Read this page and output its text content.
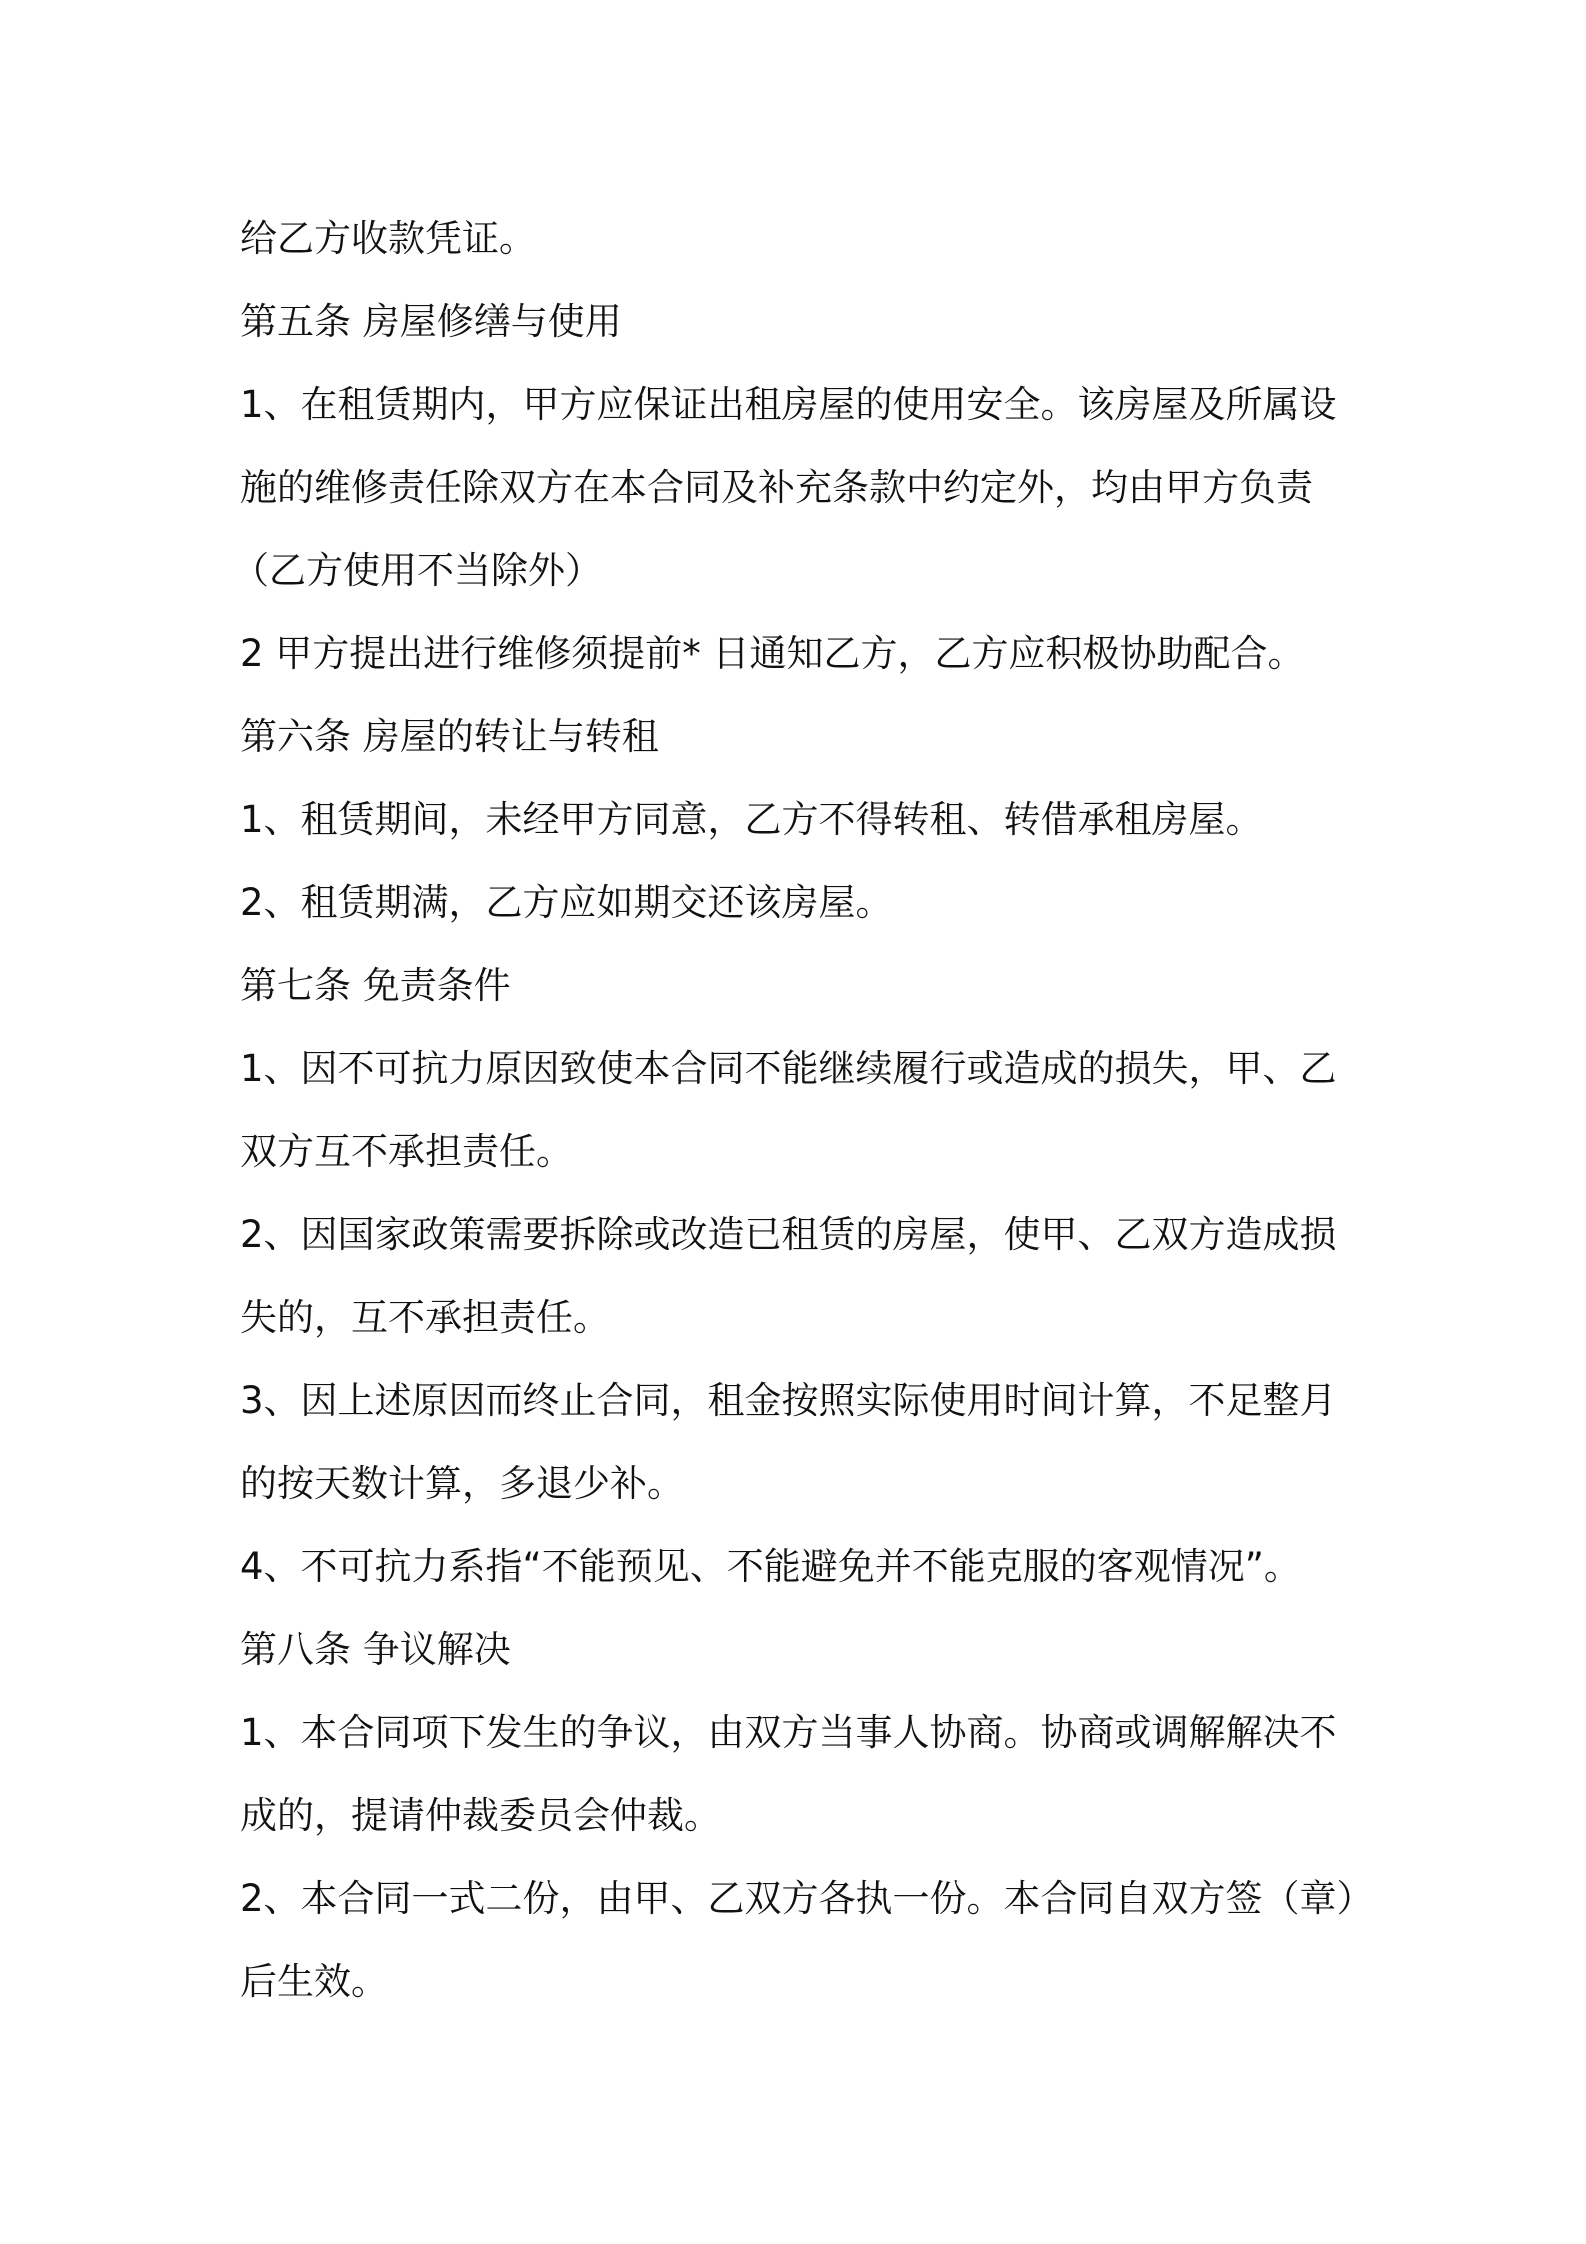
给乙方收款凭证。

第五条 房屋修缮与使用

1、在租赁期内，甲方应保证出租房屋的使用安全。该房屋及所属设

施的维修责任除双方在本合同及补充条款中约定外，均由甲方负责

（乙方使用不当除外）

2 甲方提出进行维修须提前* 日通知乙方，乙方应积极协助配合。

第六条 房屋的转让与转租

1、租赁期间，未经甲方同意，乙方不得转租、转借承租房屋。

2、租赁期满，乙方应如期交还该房屋。

第七条 免责条件

1、因不可抗力原因致使本合同不能继续履行或造成的损失，甲、乙

双方互不承担责任。

2、因国家政策需要拆除或改造已租赁的房屋，使甲、乙双方造成损

失的，互不承担责任。

3、因上述原因而终止合同，租金按照实际使用时间计算，不足整月

的按天数计算，多退少补。

4、不可抗力系指“不能预见、不能避免并不能克服的客观情况”。

第八条 争议解决

1、本合同项下发生的争议，由双方当事人协商。协商或调解解决不

成的，提请仲裁委员会仲裁。

2、本合同一式二份，由甲、乙双方各执一份。本合同自双方签（章）

后生效。
